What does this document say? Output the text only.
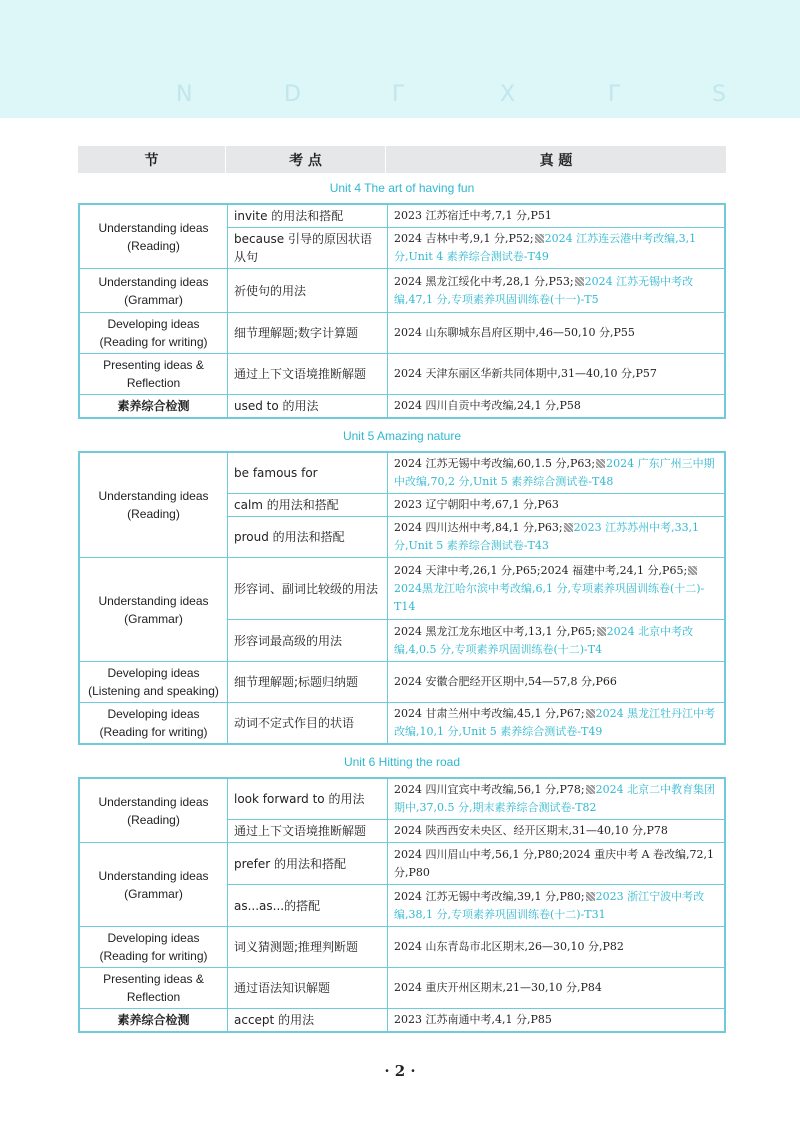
N	D	Γ	X	Γ	S
节	考 点	真 题
Unit 4 The art of having fun
Understanding ideas (Reading)	invite 的用法和搭配	2023 江苏宿迁中考,7,1 分,P51
	because 引导的原因状语从句	2024 吉林中考,9,1 分,P52; 2024 江苏连云港中考改编,3,1 分,Unit 4 素养综合测试卷-T49
Understanding ideas (Grammar)	祈使句的用法	2024 黑龙江绥化中考,28,1 分,P53; 2024 江苏无锡中考改编,47,1 分,专项素养巩固训练卷(十一)-T5
Developing ideas (Reading for writing)	细节理解题;数字计算题	2024 山东聊城东昌府区期中,46—50,10 分,P55
Presenting ideas & Reflection	通过上下文语境推断解题	2024 天津东丽区华新共同体期中,31—40,10 分,P57
素养综合检测	used to 的用法	2024 四川自贡中考改编,24,1 分,P58
Unit 5 Amazing nature
Understanding ideas (Reading)	be famous for	2024 江苏无锡中考改编,60,1.5 分,P63; 2024 广东广州三中期中改编,70,2 分,Unit 5 素养综合测试卷-T48
	calm 的用法和搭配	2023 辽宁朝阳中考,67,1 分,P63
	proud 的用法和搭配	2024 四川达州中考,84,1 分,P63; 2023 江苏苏州中考,33,1 分,Unit 5 素养综合测试卷-T43
Understanding ideas (Grammar)	形容词、副词比较级的用法	2024 天津中考,26,1 分,P65;2024 福建中考,24,1 分,P65;2024黑龙江哈尔滨中考改编,6,1 分,专项素养巩固训练卷(十二)-T14
	形容词最高级的用法	2024 黑龙江龙东地区中考,13,1 分,P65; 2024 北京中考改编,4,0.5 分,专项素养巩固训练卷(十二)-T4
Developing ideas (Listening and speaking)	细节理解题;标题归纳题	2024 安徽合肥经开区期中,54—57,8 分,P66
Developing ideas (Reading for writing)	动词不定式作目的状语	2024 甘肃兰州中考改编,45,1 分,P67; 2024 黑龙江牡丹江中考改编,10,1 分,Unit 5 素养综合测试卷-T49
Unit 6 Hitting the road
Understanding ideas (Reading)	look forward to 的用法	2024 四川宜宾中考改编,56,1 分,P78; 2024 北京二中教育集团期中,37,0.5 分,期末素养综合测试卷-T82
	通过上下文语境推断解题	2024 陕西西安未央区、经开区期末,31—40,10 分,P78
Understanding ideas (Grammar)	prefer 的用法和搭配	2024 四川眉山中考,56,1 分,P80;2024 重庆中考 A 卷改编,72,1 分,P80
	as...as...的搭配	2024 江苏无锡中考改编,39,1 分,P80; 2023 浙江宁波中考改编,38,1 分,专项素养巩固训练卷(十二)-T31
Developing ideas (Reading for writing)	词义猜测题;推理判断题	2024 山东青岛市北区期末,26—30,10 分,P82
Presenting ideas & Reflection	通过语法知识解题	2024 重庆开州区期末,21—30,10 分,P84
素养综合检测	accept 的用法	2023 江苏南通中考,4,1 分,P85
· 2 ·
